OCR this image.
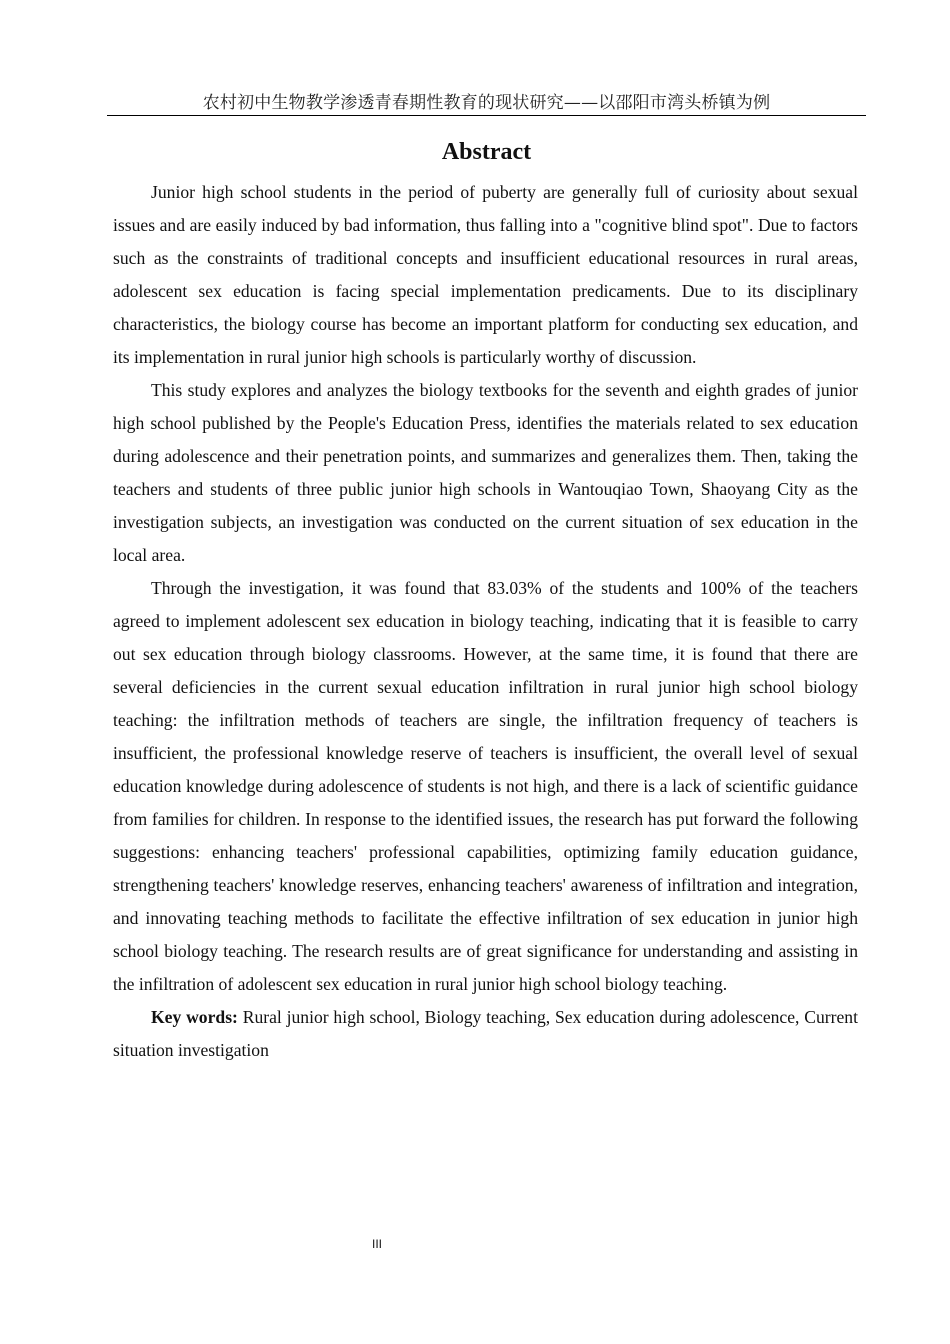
农村初中生物教学渗透青春期性教育的现状研究——以邵阳市湾头桥镇为例
Abstract

Junior high school students in the period of puberty are generally full of curiosity about sexual issues and are easily induced by bad information, thus falling into a "cognitive blind spot". Due to factors such as the constraints of traditional concepts and insufficient educational resources in rural areas, adolescent sex education is facing special implementation predicaments. Due to its disciplinary characteristics, the biology course has become an important platform for conducting sex education, and its implementation in rural junior high schools is particularly worthy of discussion.

This study explores and analyzes the biology textbooks for the seventh and eighth grades of junior high school published by the People's Education Press, identifies the materials related to sex education during adolescence and their penetration points, and summarizes and generalizes them. Then, taking the teachers and students of three public junior high schools in Wantouqiao Town, Shaoyang City as the investigation subjects, an investigation was conducted on the current situation of sex education in the local area.

Through the investigation, it was found that 83.03% of the students and 100% of the teachers agreed to implement adolescent sex education in biology teaching, indicating that it is feasible to carry out sex education through biology classrooms. However, at the same time, it is found that there are several deficiencies in the current sexual education infiltration in rural junior high school biology teaching: the infiltration methods of teachers are single, the infiltration frequency of teachers is insufficient, the professional knowledge reserve of teachers is insufficient, the overall level of sexual education knowledge during adolescence of students is not high, and there is a lack of scientific guidance from families for children. In response to the identified issues, the research has put forward the following suggestions: enhancing teachers' professional capabilities, optimizing family education guidance, strengthening teachers' knowledge reserves, enhancing teachers' awareness of infiltration and integration, and innovating teaching methods to facilitate the effective infiltration of sex education in junior high school biology teaching. The research results are of great significance for understanding and assisting in the infiltration of adolescent sex education in rural junior high school biology teaching.

Key words: Rural junior high school, Biology teaching, Sex education during adolescence, Current situation investigation

III
